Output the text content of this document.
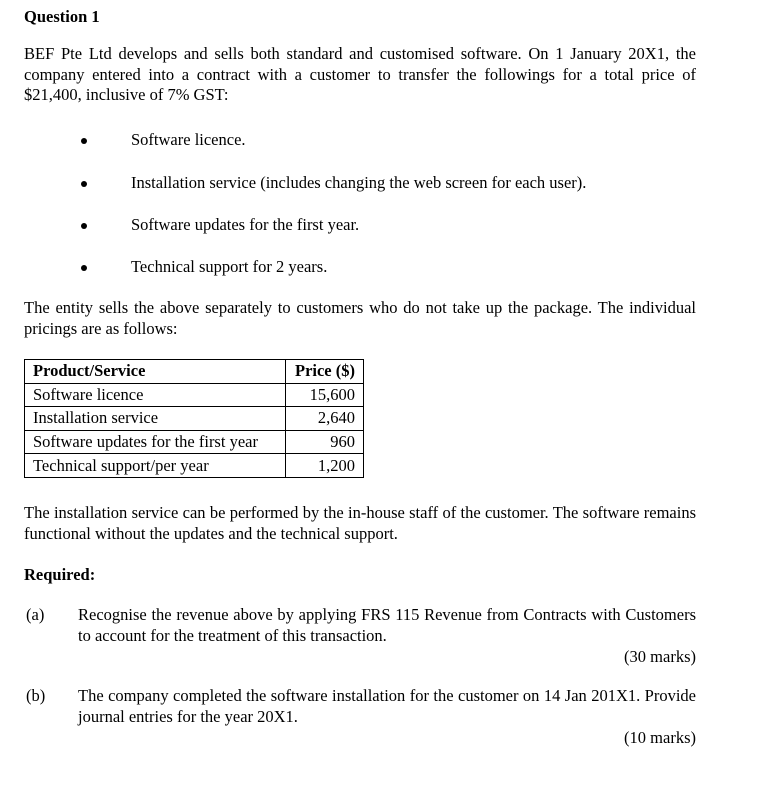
Question 1
BEF Pte Ltd develops and sells both standard and customised software. On 1 January 20X1, the company entered into a contract with a customer to transfer the followings for a total price of $21,400, inclusive of 7% GST:
Software licence.
Installation service (includes changing the web screen for each user).
Software updates for the first year.
Technical support for 2 years.
The entity sells the above separately to customers who do not take up the package. The individual pricings are as follows:
Product/Service	Price ($)
Software licence	15,600
Installation service	2,640
Software updates for the first year	960
Technical support/per year	1,200
The installation service can be performed by the in-house staff of the customer. The software remains functional without the updates and the technical support.
Required:
(a) Recognise the revenue above by applying FRS 115 Revenue from Contracts with Customers to account for the treatment of this transaction.
(30 marks)
(b) The company completed the software installation for the customer on 14 Jan 201X1. Provide journal entries for the year 20X1.
(10 marks)
